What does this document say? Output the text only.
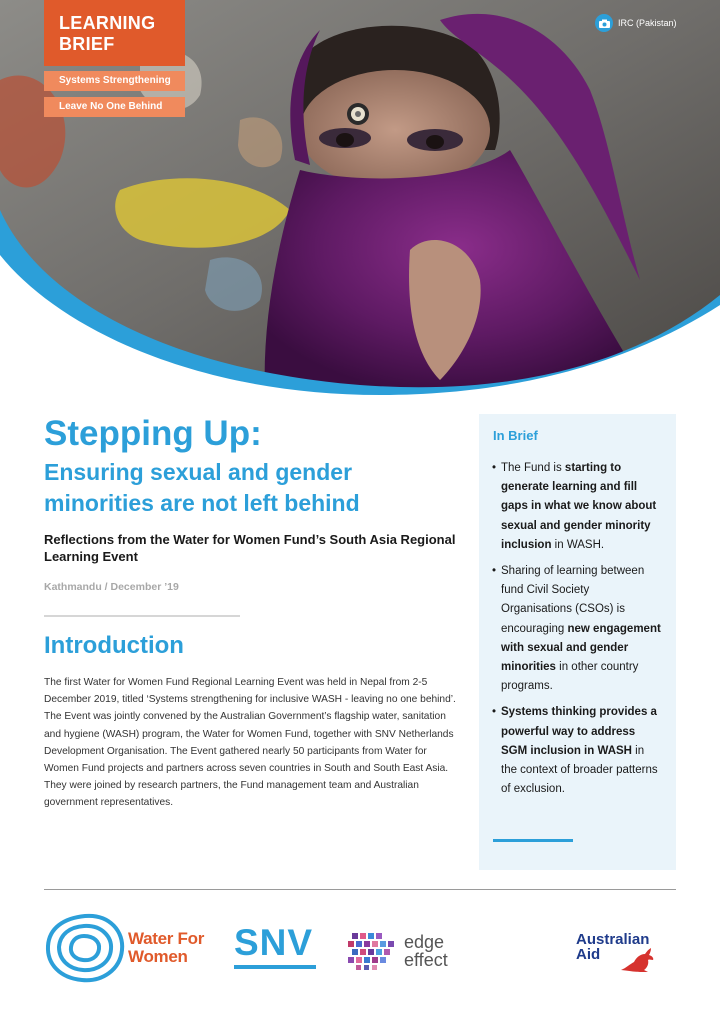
LEARNING
BRIEF
Systems Strengthening
Leave No One Behind
IRC (Pakistan)
Stepping Up:
Ensuring sexual and gender minorities are not left behind

Reflections from the Water for Women Fund’s South Asia Regional Learning Event

Kathmandu / December ’19

Introduction

The first Water for Women Fund Regional Learning Event was held in Nepal from 2-5 December 2019, titled ‘Systems strengthening for inclusive WASH - leaving no one behind’. The Event was jointly convened by the Australian Government’s flagship water, sanitation and hygiene (WASH) program, the Water for Women Fund, together with SNV Netherlands Development Organisation. The Event gathered nearly 50 participants from Water for Women Fund projects and partners across seven countries in South and South East Asia. They were joined by research partners, the Fund management team and Australian government representatives.

In Brief
• The Fund is starting to generate learning and fill gaps in what we know about sexual and gender minority inclusion in WASH.
• Sharing of learning between fund Civil Society Organisations (CSOs) is encouraging new engagement with sexual and gender minorities in other country programs.
• Systems thinking provides a powerful way to address SGM inclusion in WASH in the context of broader patterns of exclusion.
Water For
Women	SNV	edge
effect
Australian
Aid
